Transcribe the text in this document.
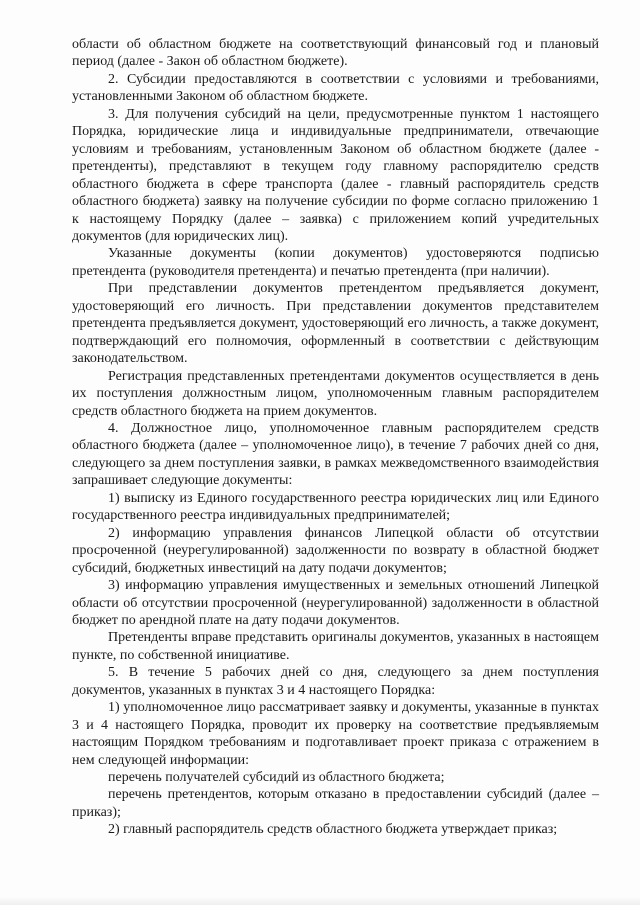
области об областном бюджете на соответствующий финансовый год и плановый период (далее - Закон об областном бюджете).

2. Субсидии предоставляются в соответствии с условиями и требованиями, установленными Законом об областном бюджете.

3. Для получения субсидий на цели, предусмотренные пунктом 1 настоящего Порядка, юридические лица и индивидуальные предприниматели, отвечающие условиям и требованиям, установленным Законом об областном бюджете (далее - претенденты), представляют в текущем году главному распорядителю средств областного бюджета в сфере транспорта (далее - главный распорядитель средств областного бюджета) заявку на получение субсидии по форме согласно приложению 1 к настоящему Порядку (далее – заявка) с приложением копий учредительных документов (для юридических лиц).

Указанные документы (копии документов) удостоверяются подписью претендента (руководителя претендента) и печатью претендента (при наличии).

При представлении документов претендентом предъявляется документ, удостоверяющий его личность. При представлении документов представителем претендента предъявляется документ, удостоверяющий его личность, а также документ, подтверждающий его полномочия, оформленный в соответствии с действующим законодательством.

Регистрация представленных претендентами документов осуществляется в день их поступления должностным лицом, уполномоченным главным распорядителем средств областного бюджета на прием документов.

4. Должностное лицо, уполномоченное главным распорядителем средств областного бюджета (далее – уполномоченное лицо), в течение 7 рабочих дней со дня, следующего за днем поступления заявки, в рамках межведомственного взаимодействия запрашивает следующие документы:

1) выписку из Единого государственного реестра юридических лиц или Единого государственного реестра индивидуальных предпринимателей;

2) информацию управления финансов Липецкой области об отсутствии просроченной (неурегулированной) задолженности по возврату в областной бюджет субсидий, бюджетных инвестиций на дату подачи документов;

3) информацию управления имущественных и земельных отношений Липецкой области об отсутствии просроченной (неурегулированной) задолженности в областной бюджет по арендной плате на дату подачи документов.

Претенденты вправе представить оригиналы документов, указанных в настоящем пункте, по собственной инициативе.

5. В течение 5 рабочих дней со дня, следующего за днем поступления документов, указанных в пунктах 3 и 4 настоящего Порядка:

1) уполномоченное лицо рассматривает заявку и документы, указанные в пунктах 3 и 4 настоящего Порядка, проводит их проверку на соответствие предъявляемым настоящим Порядком требованиям и подготавливает проект приказа с отражением в нем следующей информации:

перечень получателей субсидий из областного бюджета;

перечень претендентов, которым отказано в предоставлении субсидий (далее – приказ);

2) главный распорядитель средств областного бюджета утверждает приказ;
